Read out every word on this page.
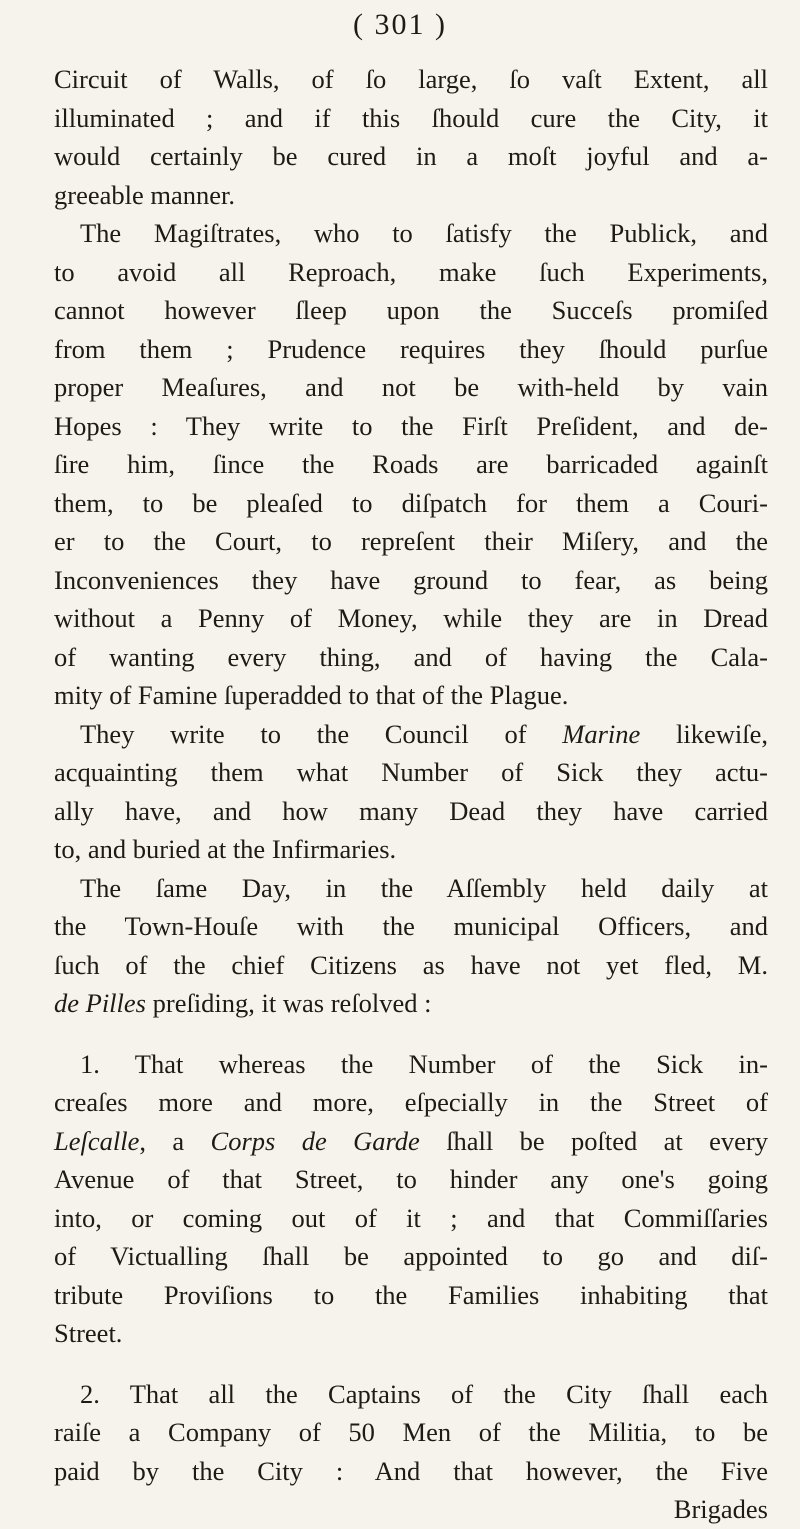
( 301 )
Circuit of Walls, of ſo large, ſo vaſt Extent, all
illuminated ; and if this ſhould cure the City, it
would certainly be cured in a moſt joyful and a-
greeable manner.
The Magiſtrates, who to ſatisfy the Publick, and
to avoid all Reproach, make ſuch Experiments,
cannot however ſleep upon the Succeſs promiſed
from them ; Prudence requires they ſhould purſue
proper Meaſures, and not be with-held by vain
Hopes : They write to the Firſt Preſident, and de-
ſire him, ſince the Roads are barricaded againſt
them, to be pleaſed to diſpatch for them a Couri-
er to the Court, to repreſent their Miſery, and the
Inconveniences they have ground to fear, as being
without a Penny of Money, while they are in Dread
of wanting every thing, and of having the Cala-
mity of Famine ſuperadded to that of the Plague.
They write to the Council of Marine likewiſe,
acquainting them what Number of Sick they actu-
ally have, and how many Dead they have carried
to, and buried at the Infirmaries.
The ſame Day, in the Aſſembly held daily at
the Town-Houſe with the municipal Officers, and
ſuch of the chief Citizens as have not yet fled, M.
de Pilles preſiding, it was reſolved :
1. That whereas the Number of the Sick in-
creaſes more and more, eſpecially in the Street of
Leſcalle, a Corps de Garde ſhall be poſted at every
Avenue of that Street, to hinder any one's going
into, or coming out of it ; and that Commiſſaries
of Victualling ſhall be appointed to go and diſ-
tribute Proviſions to the Families inhabiting that
Street.
2. That all the Captains of the City ſhall each
raiſe a Company of 50 Men of the Militia, to be
paid by the City : And that however, the Five
Brigades
